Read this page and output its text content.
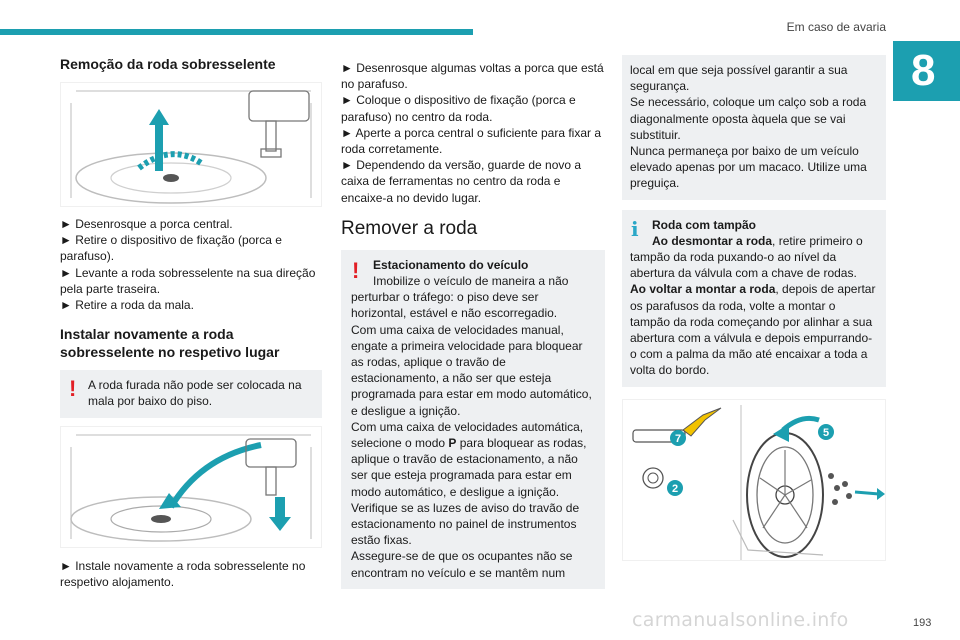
Em caso de avaria
8
Remoção da roda sobresselente

► Desenrosque a porca central.

► Retire o dispositivo de fixação (porca e parafuso).

► Levante a roda sobresselente na sua direção pela parte traseira.

► Retire a roda da mala.

Instalar novamente a roda sobresselente no respetivo lugar
! A roda furada não pode ser colocada na mala por baixo do piso.

► Instale novamente a roda sobresselente no respetivo alojamento.

► Desenrosque algumas voltas a porca que está no parafuso.

► Coloque o dispositivo de fixação (porca e parafuso) no centro da roda.

► Aperte a porca central o suficiente para fixar a roda corretamente.

► Dependendo da versão, guarde de novo a caixa de ferramentas no centro da roda e encaixe-a no devido lugar.

Remover a roda
!	Estacionamento do veículo

Imobilize o veículo de maneira a não perturbar o tráfego: o piso deve ser horizontal, estável e não escorregadio.

Com uma caixa de velocidades manual, engate a primeira velocidade para bloquear as rodas, aplique o travão de estacionamento, a não ser que esteja programada para estar em modo automático, e desligue a ignição.

Com uma caixa de velocidades automática, selecione o modo P para bloquear as rodas, aplique o travão de estacionamento, a não ser que esteja programada para estar em modo automático, e desligue a ignição.

Verifique se as luzes de aviso do travão de estacionamento no painel de instrumentos estão fixas.

Assegure-se de que os ocupantes não se encontram no veículo e se mantêm num

local em que seja possível garantir a sua segurança.

Se necessário, coloque um calço sob a roda diagonalmente oposta àquela que se vai substituir.

Nunca permaneça por baixo de um veículo elevado apenas por um macaco. Utilize uma preguiça.

i	Roda com tampão

Ao desmontar a roda, retire primeiro o tampão da roda puxando-o ao nível da abertura da válvula com a chave de rodas.

Ao voltar a montar a roda, depois de apertar os parafusos da roda, volte a montar o tampão da roda começando por alinhar a sua abertura com a válvula e depois empurrando-o com a palma da mão até encaixar a toda a volta do bordo.

7
2
5
carmanualsonline.info	193
